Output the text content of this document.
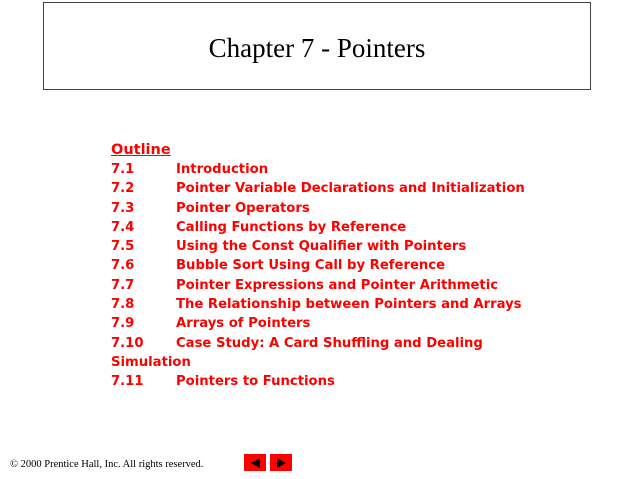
Chapter 7 - Pointers
Outline
7.1	Introduction
7.2	Pointer Variable Declarations and Initialization
7.3	Pointer Operators
7.4	Calling Functions by Reference
7.5	Using the Const Qualifier with Pointers
7.6	Bubble Sort Using Call by Reference
7.7	Pointer Expressions and Pointer Arithmetic
7.8	The Relationship between Pointers and Arrays
7.9	Arrays of Pointers
7.10	Case Study: A Card Shuffling and Dealing
Simulation
7.11	Pointers to Functions
© 2000 Prentice Hall, Inc. All rights reserved.
